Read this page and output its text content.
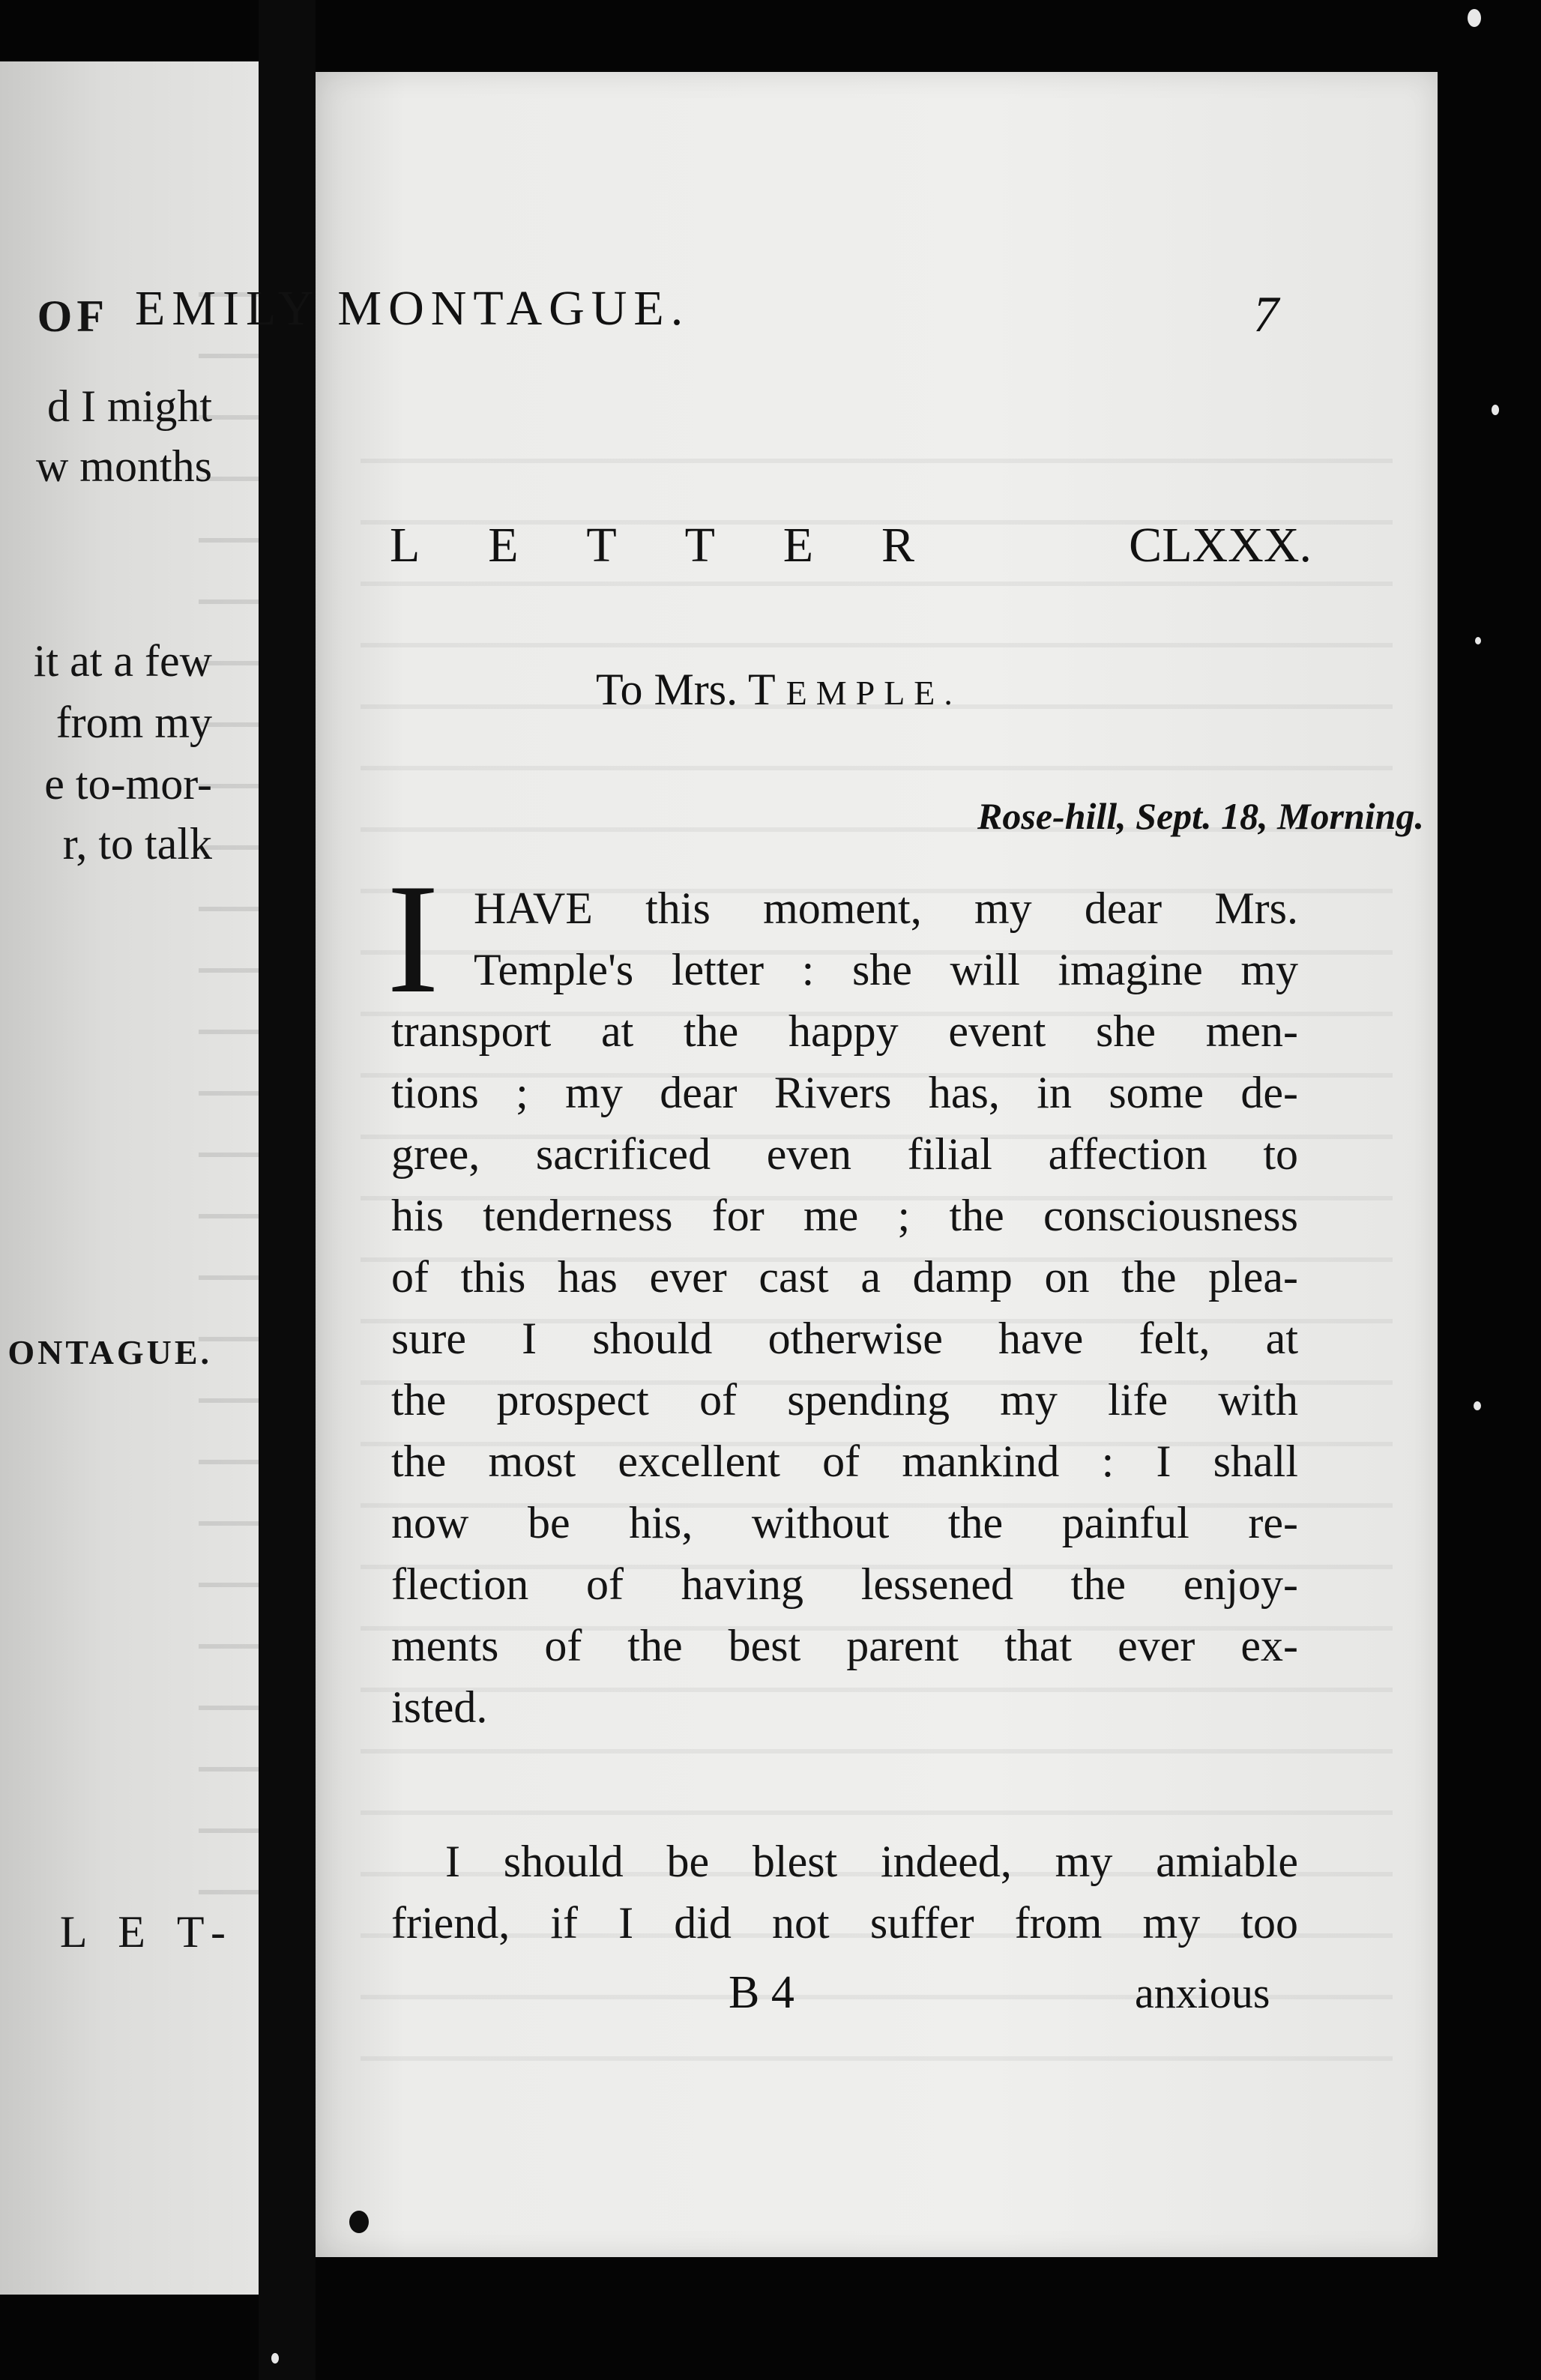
OF
d I might
w months
it at a few
from my
e to-mor-
r, to talk
ONTAGUE.
L E T-
EMILY MONTAGUE.	7
L E T T E R	CLXXX.
To Mrs. T EMPLE.
Rose-hill, Sept. 18, Morning.
I HAVE this moment, my dear Mrs.
Temple's letter : she will imagine my
transport at the happy event she men-
tions ; my dear Rivers has, in some de-
gree, sacrificed even filial affection to
his tenderness for me ; the consciousness
of this has ever cast a damp on the plea-
sure I should otherwise have felt, at
the prospect of spending my life with
the most excellent of mankind : I shall
now be his, without the painful re-
flection of having lessened the enjoy-
ments of the best parent that ever ex-
isted.
I should be blest indeed, my amiable
friend, if I did not suffer from my too
B 4	anxious
